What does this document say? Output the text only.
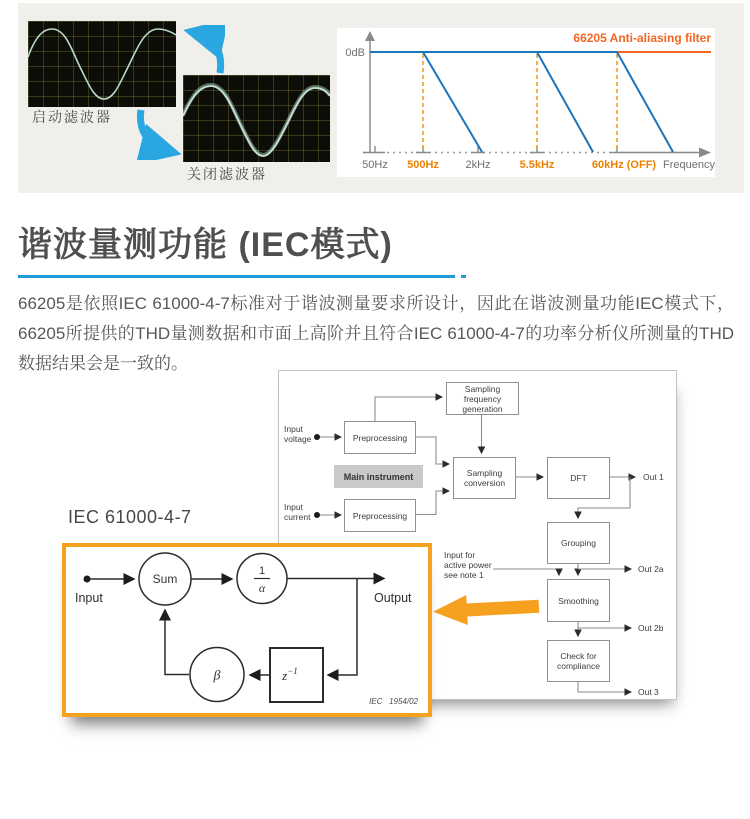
启动滤波器
关闭滤波器
66205 Anti-aliasing filter
0dB
50Hz 500Hz 2kHz	5.5kHz	60kHz (OFF) Frequency
谐波量测功能 (IEC模式)

66205是依照IEC 61000-4-7标准对于谐波测量要求所设计，因此在谐波测量功能IEC模式下，66205所提供的THD量测数据和市面上高阶并且符合IEC 61000-4-7的功率分析仪所测量的THD数据结果会是一致的。

Input
voltage
Input
current
Sampling
frequency
generation
Preprocessing
Main instrument	Sampling
conversion	DFT
Preprocessing
Grouping
Input for
active power
see note 1
Smoothing
Check for
compliance
Out 1
Out 2a
Out 2b
Out 3
IEC 61000-4-7
Sum
1
α
β	$z^{-1}$
Input	Output
IEC   1954/02
